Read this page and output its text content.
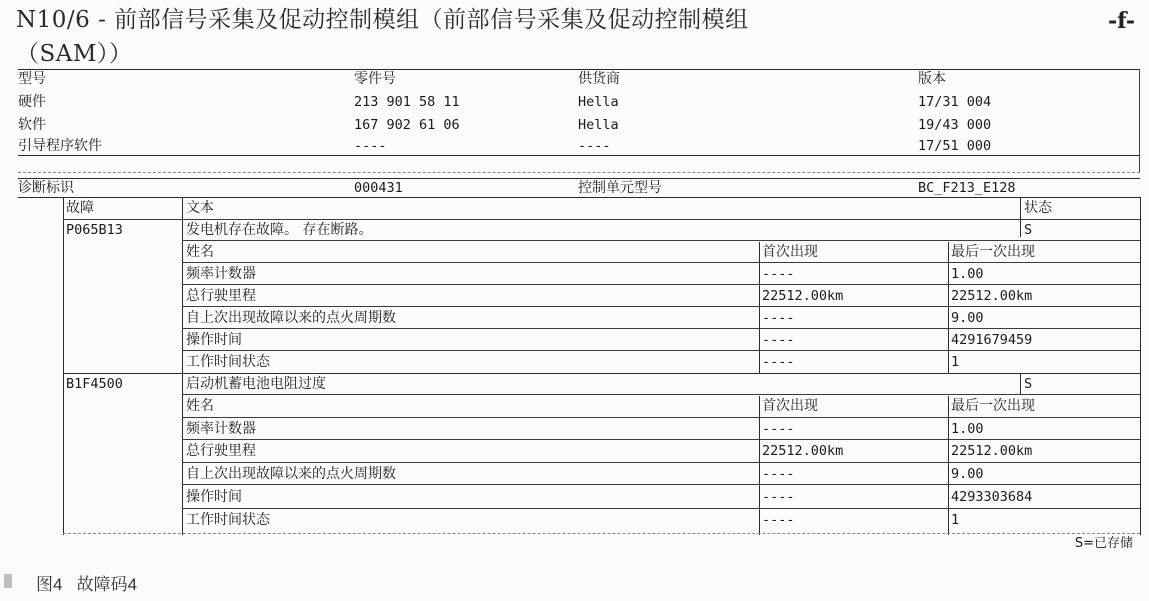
N10/6 - 前部信号采集及促动控制模组（前部信号采集及促动控制模组
（SAM））
-f-
型号	零件号	供货商	版本
硬件	213 901 58 11	Hella	17/31 004
软件	167 902 61 06	Hella	19/43 000
引导程序软件	----	----	17/51 000
诊断标识	000431	控制单元型号	BC_F213_E128
故障	文本	状态
P065B13	发电机存在故障。 存在断路。	S
姓名	首次出现	最后一次出现
频率计数器	----	1.00
总行驶里程	22512.00km	22512.00km
自上次出现故障以来的点火周期数	----	9.00
操作时间	----	4291679459
工作时间状态	----	1
B1F4500	启动机蓄电池电阻过度	S
姓名	首次出现	最后一次出现
频率计数器	----	1.00
总行驶里程	22512.00km	22512.00km
自上次出现故障以来的点火周期数	----	9.00
操作时间	----	4293303684
工作时间状态	----	1
S=已存储
图4 故障码4
